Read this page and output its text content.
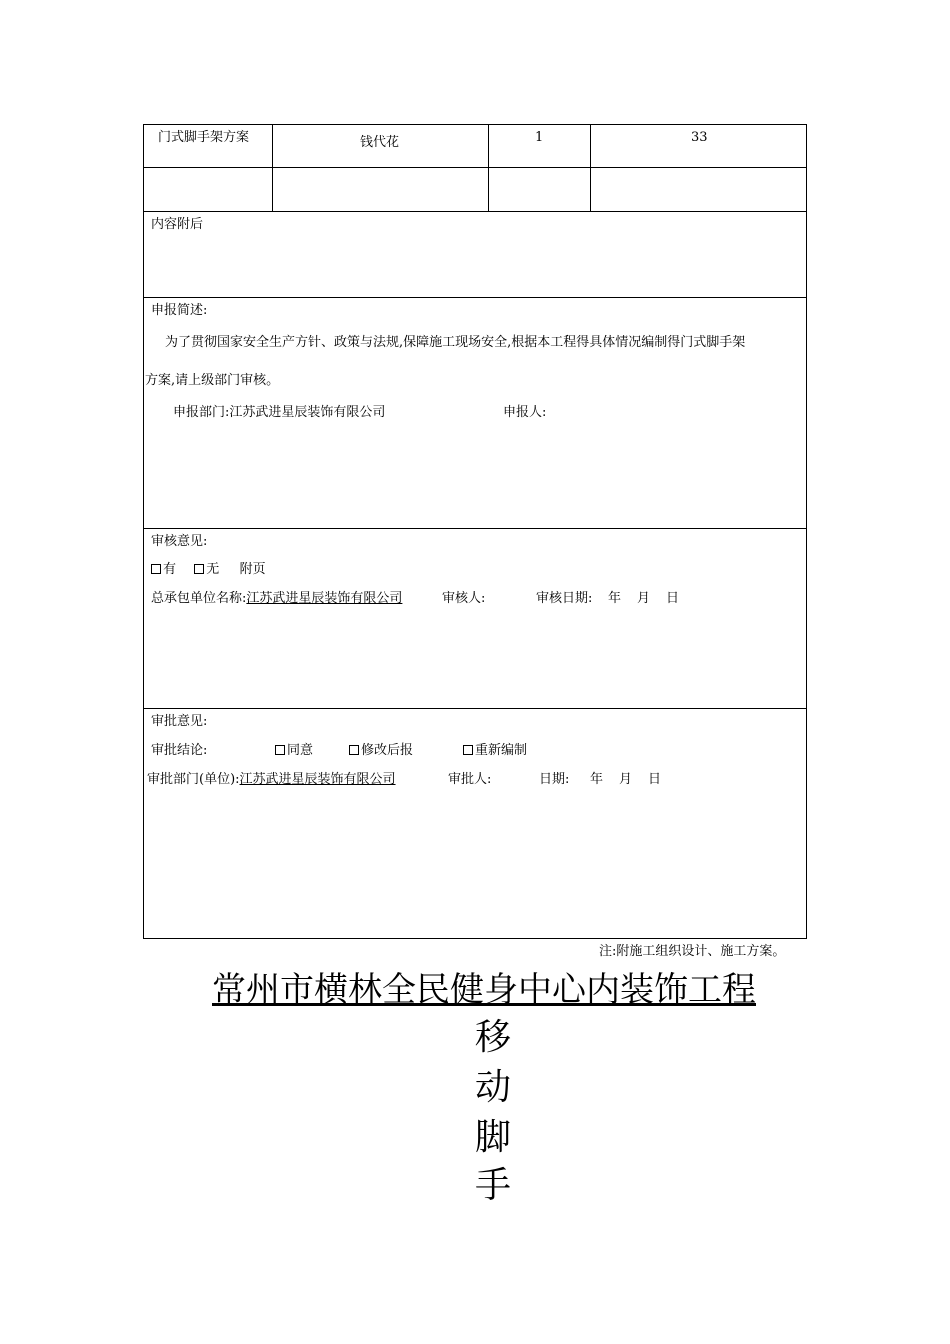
门式脚手架方案	钱代花	1	33
内容附后
申报简述:
为了贯彻国家安全生产方针、政策与法规,保障施工现场安全,根据本工程得具体情况编制得门式脚手架
方案,请上级部门审核。
申报部门:江苏武进星辰装饰有限公司	申报人:
审核意见:
有 无 附页
总承包单位名称:江苏武进星辰装饰有限公司	审核人:	审核日期: 年 月 日
审批意见:
审批结论:	同意	修改后报	重新编制
审批部门(单位):江苏武进星辰装饰有限公司	审批人:	日期: 年 月 日
注:附施工组织设计、施工方案。
常州市横林全民健身中心内装饰工程
移
动
脚
手
